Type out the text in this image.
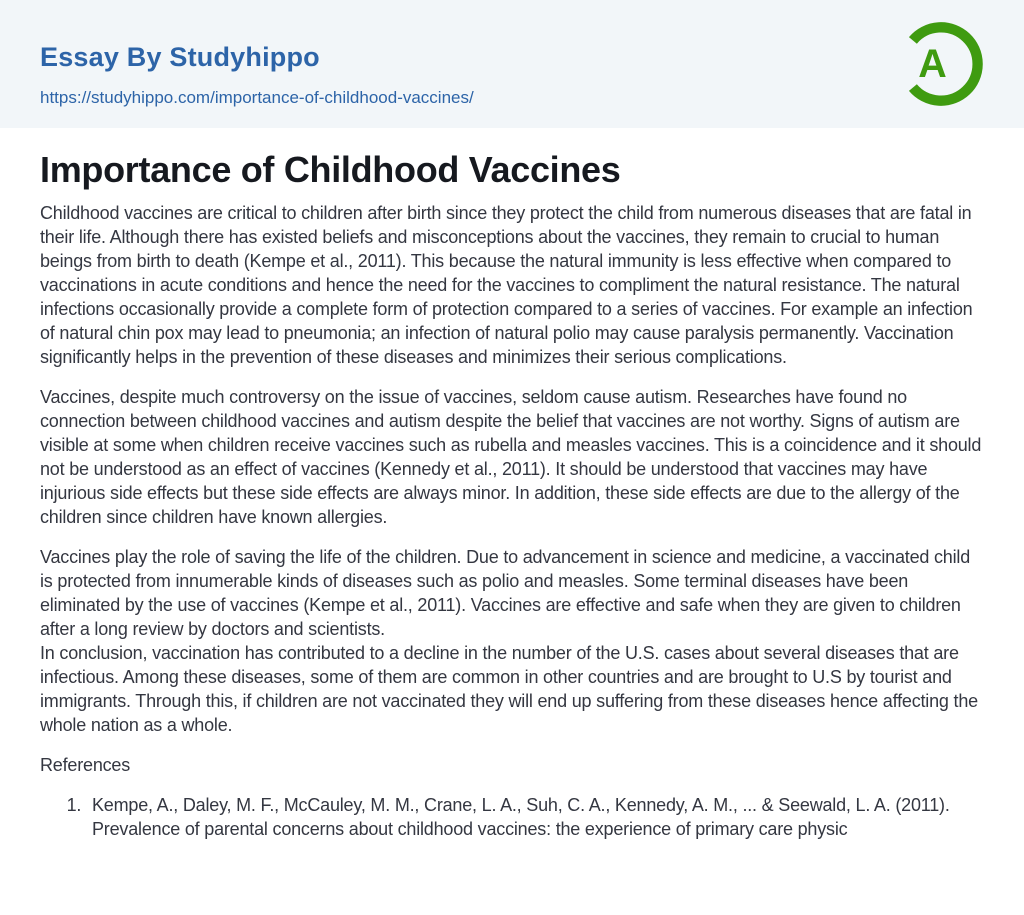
Essay By Studyhippo
https://studyhippo.com/importance-of-childhood-vaccines/
A
Importance of Childhood Vaccines

Childhood vaccines are critical to children after birth since they protect the child from numerous diseases that are fatal in their life. Although there has existed beliefs and misconceptions about the vaccines, they remain to crucial to human beings from birth to death (Kempe et al., 2011). This because the natural immunity is less effective when compared to vaccinations in acute conditions and hence the need for the vaccines to compliment the natural resistance. The natural infections occasionally provide a complete form of protection compared to a series of vaccines. For example an infection of natural chin pox may lead to pneumonia; an infection of natural polio may cause paralysis permanently. Vaccination significantly helps in the prevention of these diseases and minimizes their serious complications.

Vaccines, despite much controversy on the issue of vaccines, seldom cause autism. Researches have found no connection between childhood vaccines and autism despite the belief that vaccines are not worthy. Signs of autism are visible at some when children receive vaccines such as rubella and measles vaccines. This is a coincidence and it should not be understood as an effect of vaccines (Kennedy et al., 2011). It should be understood that vaccines may have injurious side effects but these side effects are always minor. In addition, these side effects are due to the allergy of the children since children have known allergies.

Vaccines play the role of saving the life of the children. Due to advancement in science and medicine, a vaccinated child is protected from innumerable kinds of diseases such as polio and measles. Some terminal diseases have been eliminated by the use of vaccines (Kempe et al., 2011). Vaccines are effective and safe when they are given to children after a long review by doctors and scientists.

In conclusion, vaccination has contributed to a decline in the number of the U.S. cases about several diseases that are infectious. Among these diseases, some of them are common in other countries and are brought to U.S by tourist and immigrants. Through this, if children are not vaccinated they will end up suffering from these diseases hence affecting the whole nation as a whole.

References

1. Kempe, A., Daley, M. F., McCauley, M. M., Crane, L. A., Suh, C. A., Kennedy, A. M., ... & Seewald, L. A. (2011). Prevalence of parental concerns about childhood vaccines: the experience of primary care physic
